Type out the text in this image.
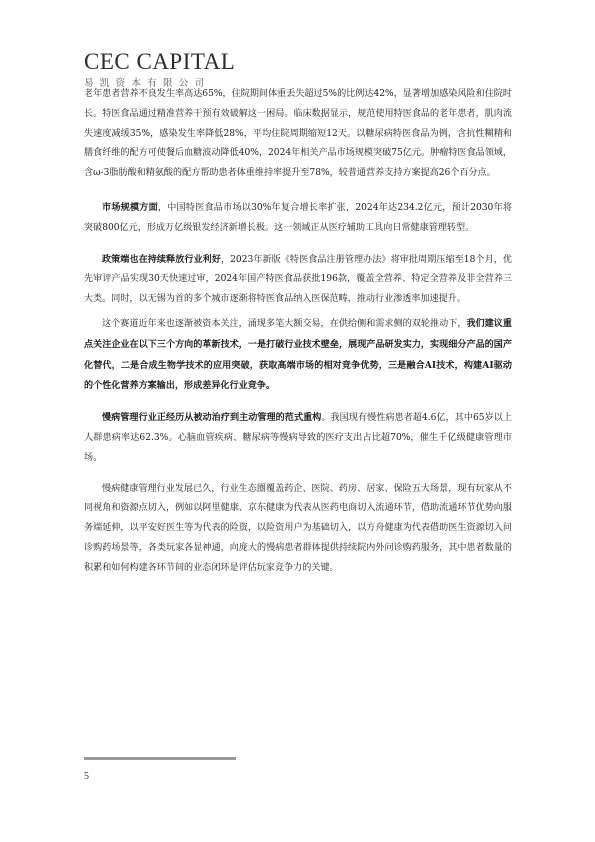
CEC CAPITAL
易凯资本有限公司

老年患者营养不良发生率高达65%，住院期间体重丢失超过5%的比例达42%，显著增加感染风险和住院时长。特医食品通过精准营养干预有效破解这一困局。临床数据显示，规范使用特医食品的老年患者，肌肉流失速度减缓35%，感染发生率降低28%，平均住院周期缩短12天。以糖尿病特医食品为例，含抗性糊精和膳食纤维的配方可使餐后血糖波动降低40%，2024年相关产品市场规模突破75亿元。肿瘤特医食品领域，含ω-3脂肪酸和精氨酸的配方帮助患者体重维持率提升至78%，较普通营养支持方案提高26个百分点。

市场规模方面，中国特医食品市场以30%年复合增长率扩张，2024年达234.2亿元，预计2030年将突破800亿元，形成万亿级银发经济新增长极。这一领域正从医疗辅助工具向日常健康管理转型。

政策端也在持续释放行业利好，2023年新版《特医食品注册管理办法》将审批周期压缩至18个月，优先审评产品实现30天快速过审，2024年国产特医食品获批196款，覆盖全营养、特定全营养及非全营养三大类。同时，以无锡为首的多个城市逐渐将特医食品纳入医保范畴，推动行业渗透率加速提升。

这个赛道近年来也逐渐被资本关注，涌现多笔大额交易，在供给侧和需求侧的双轮推动下，我们建议重点关注企业在以下三个方向的革新技术，一是打破行业技术壁垒，展现产品研发实力，实现细分产品的国产化替代，二是合成生物学技术的应用突破，获取高端市场的相对竞争优势，三是融合AI技术，构建AI驱动的个性化营养方案输出，形成差异化行业竞争。

慢病管理行业正经历从被动治疗到主动管理的范式重构。我国现有慢性病患者超4.6亿，其中65岁以上人群患病率达62.3%。心脑血管疾病、糖尿病等慢病导致的医疗支出占比超70%，催生千亿级健康管理市场。

慢病健康管理行业发展已久，行业生态圈覆盖药企、医院、药房、居家、保险五大场景，现有玩家从不同视角和资源点切入，例如以阿里健康、京东健康为代表从医药电商切入流通环节，借助流通环节优势向服务端延伸，以平安好医生等为代表的险资，以险资用户为基础切入，以方舟健康为代表借助医生资源切入问诊购药场景等，各类玩家各显神通，向庞大的慢病患者群体提供持续院内外问诊购药服务，其中患者数量的积累和如何构建各环节间的业态闭环是评估玩家竞争力的关键。

5
